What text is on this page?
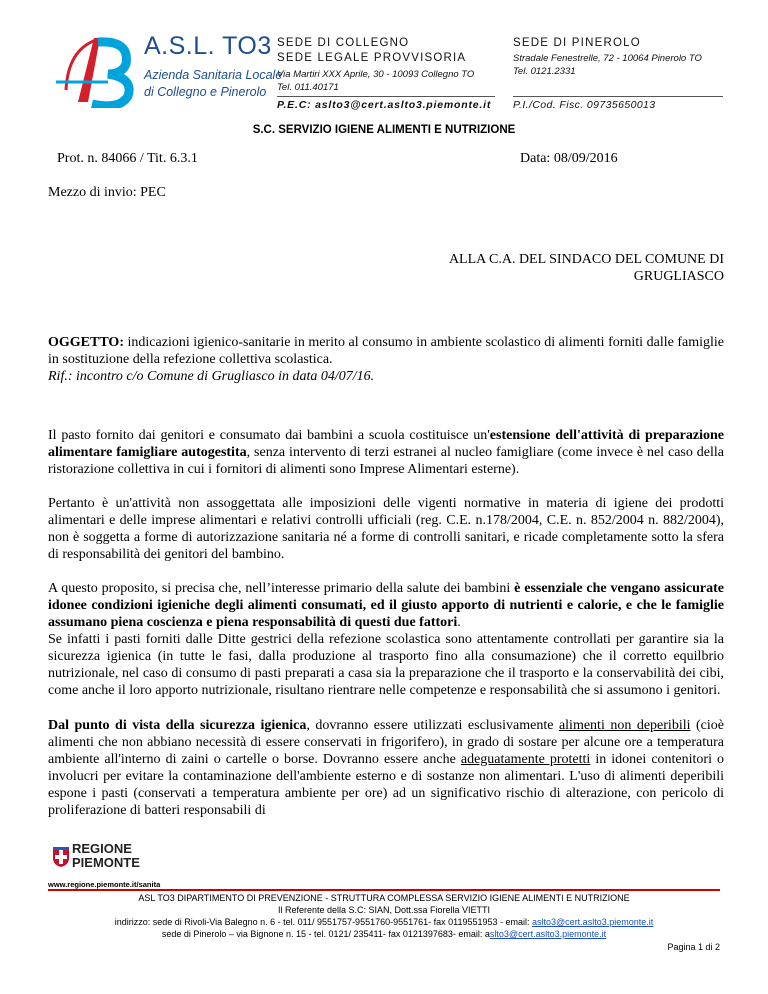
A.S.L. TO3
Azienda Sanitaria Locale
di Collegno e Pinerolo
SEDE DI COLLEGNO
SEDE LEGALE PROVVISORIA
Via Martiri XXX Aprile, 30 - 10093 Collegno TO
Tel. 011.40171
P.E.C: aslto3@cert.aslto3.piemonte.it
SEDE DI PINEROLO
Stradale Fenestrelle, 72 - 10064 Pinerolo TO
Tel. 0121.2331
P.I./Cod. Fisc. 09735650013
S.C. SERVIZIO IGIENE ALIMENTI E NUTRIZIONE
Prot. n. 84066 / Tit. 6.3.1	Data: 08/09/2016
Mezzo di invio: PEC
ALLA C.A. DEL SINDACO DEL COMUNE DI
GRUGLIASCO
OGGETTO: indicazioni igienico-sanitarie in merito al consumo in ambiente scolastico di alimenti forniti dalle famiglie in sostituzione della refezione collettiva scolastica.
Rif.: incontro c/o Comune di Grugliasco in data 04/07/16.
Il pasto fornito dai genitori e consumato dai bambini a scuola costituisce un'estensione dell'attività di preparazione alimentare famigliare autogestita, senza intervento di terzi estranei al nucleo famigliare (come invece è nel caso della ristorazione collettiva in cui i fornitori di alimenti sono Imprese Alimentari esterne).
Pertanto è un'attività non assoggettata alle imposizioni delle vigenti normative in materia di igiene dei prodotti alimentari e delle imprese alimentari e relativi controlli ufficiali (reg. C.E. n.178/2004, C.E. n. 852/2004 n. 882/2004), non è soggetta a forme di autorizzazione sanitaria né a forme di controlli sanitari, e ricade completamente sotto la sfera di responsabilità dei genitori del bambino.
A questo proposito, si precisa che, nell’interesse primario della salute dei bambini è essenziale che vengano assicurate idonee condizioni igieniche degli alimenti consumati, ed il giusto apporto di nutrienti e calorie, e che le famiglie assumano piena coscienza e piena responsabilità di questi due fattori.
Se infatti i pasti forniti dalle Ditte gestrici della refezione scolastica sono attentamente controllati per garantire sia la sicurezza igienica (in tutte le fasi, dalla produzione al trasporto fino alla consumazione) che il corretto equilbrio nutrizionale, nel caso di consumo di pasti preparati a casa sia la preparazione che il trasporto e la conservabilità dei cibi, come anche il loro apporto nutrizionale, risultano rientrare nelle competenze e responsabilità che si assumono i genitori.
Dal punto di vista della sicurezza igienica, dovranno essere utilizzati esclusivamente alimenti non deperibili (cioè alimenti che non abbiano necessità di essere conservati in frigorifero), in grado di sostare per alcune ore a temperatura ambiente all'interno di zaini o cartelle o borse. Dovranno essere anche adeguatamente protetti in idonei contenitori o involucri per evitare la contaminazione dell'ambiente esterno e di sostanze non alimentari. L'uso di alimenti deperibili espone i pasti (conservati a temperatura ambiente per ore) ad un significativo rischio di alterazione, con pericolo di proliferazione di batteri responsabili di
REGIONE
PIEMONTE
www.regione.piemonte.it/sanita
ASL TO3 DIPARTIMENTO DI PREVENZIONE - STRUTTURA COMPLESSA SERVIZIO IGIENE ALIMENTI E NUTRIZIONE
Il Referente della S.C: SIAN, Dott.ssa Fiorella VIETTI
indirizzo: sede di Rivoli-Via Balegno n. 6 - tel. 011/ 9551757-9551760-9551761- fax 0119551953 - email: aslto3@cert.aslto3.piemonte.it
sede di Pinerolo – via Bignone n. 15 - tel. 0121/ 235411- fax 0121397683- email: aslto3@cert.aslto3.piemonte.it
Pagina 1 di 2
